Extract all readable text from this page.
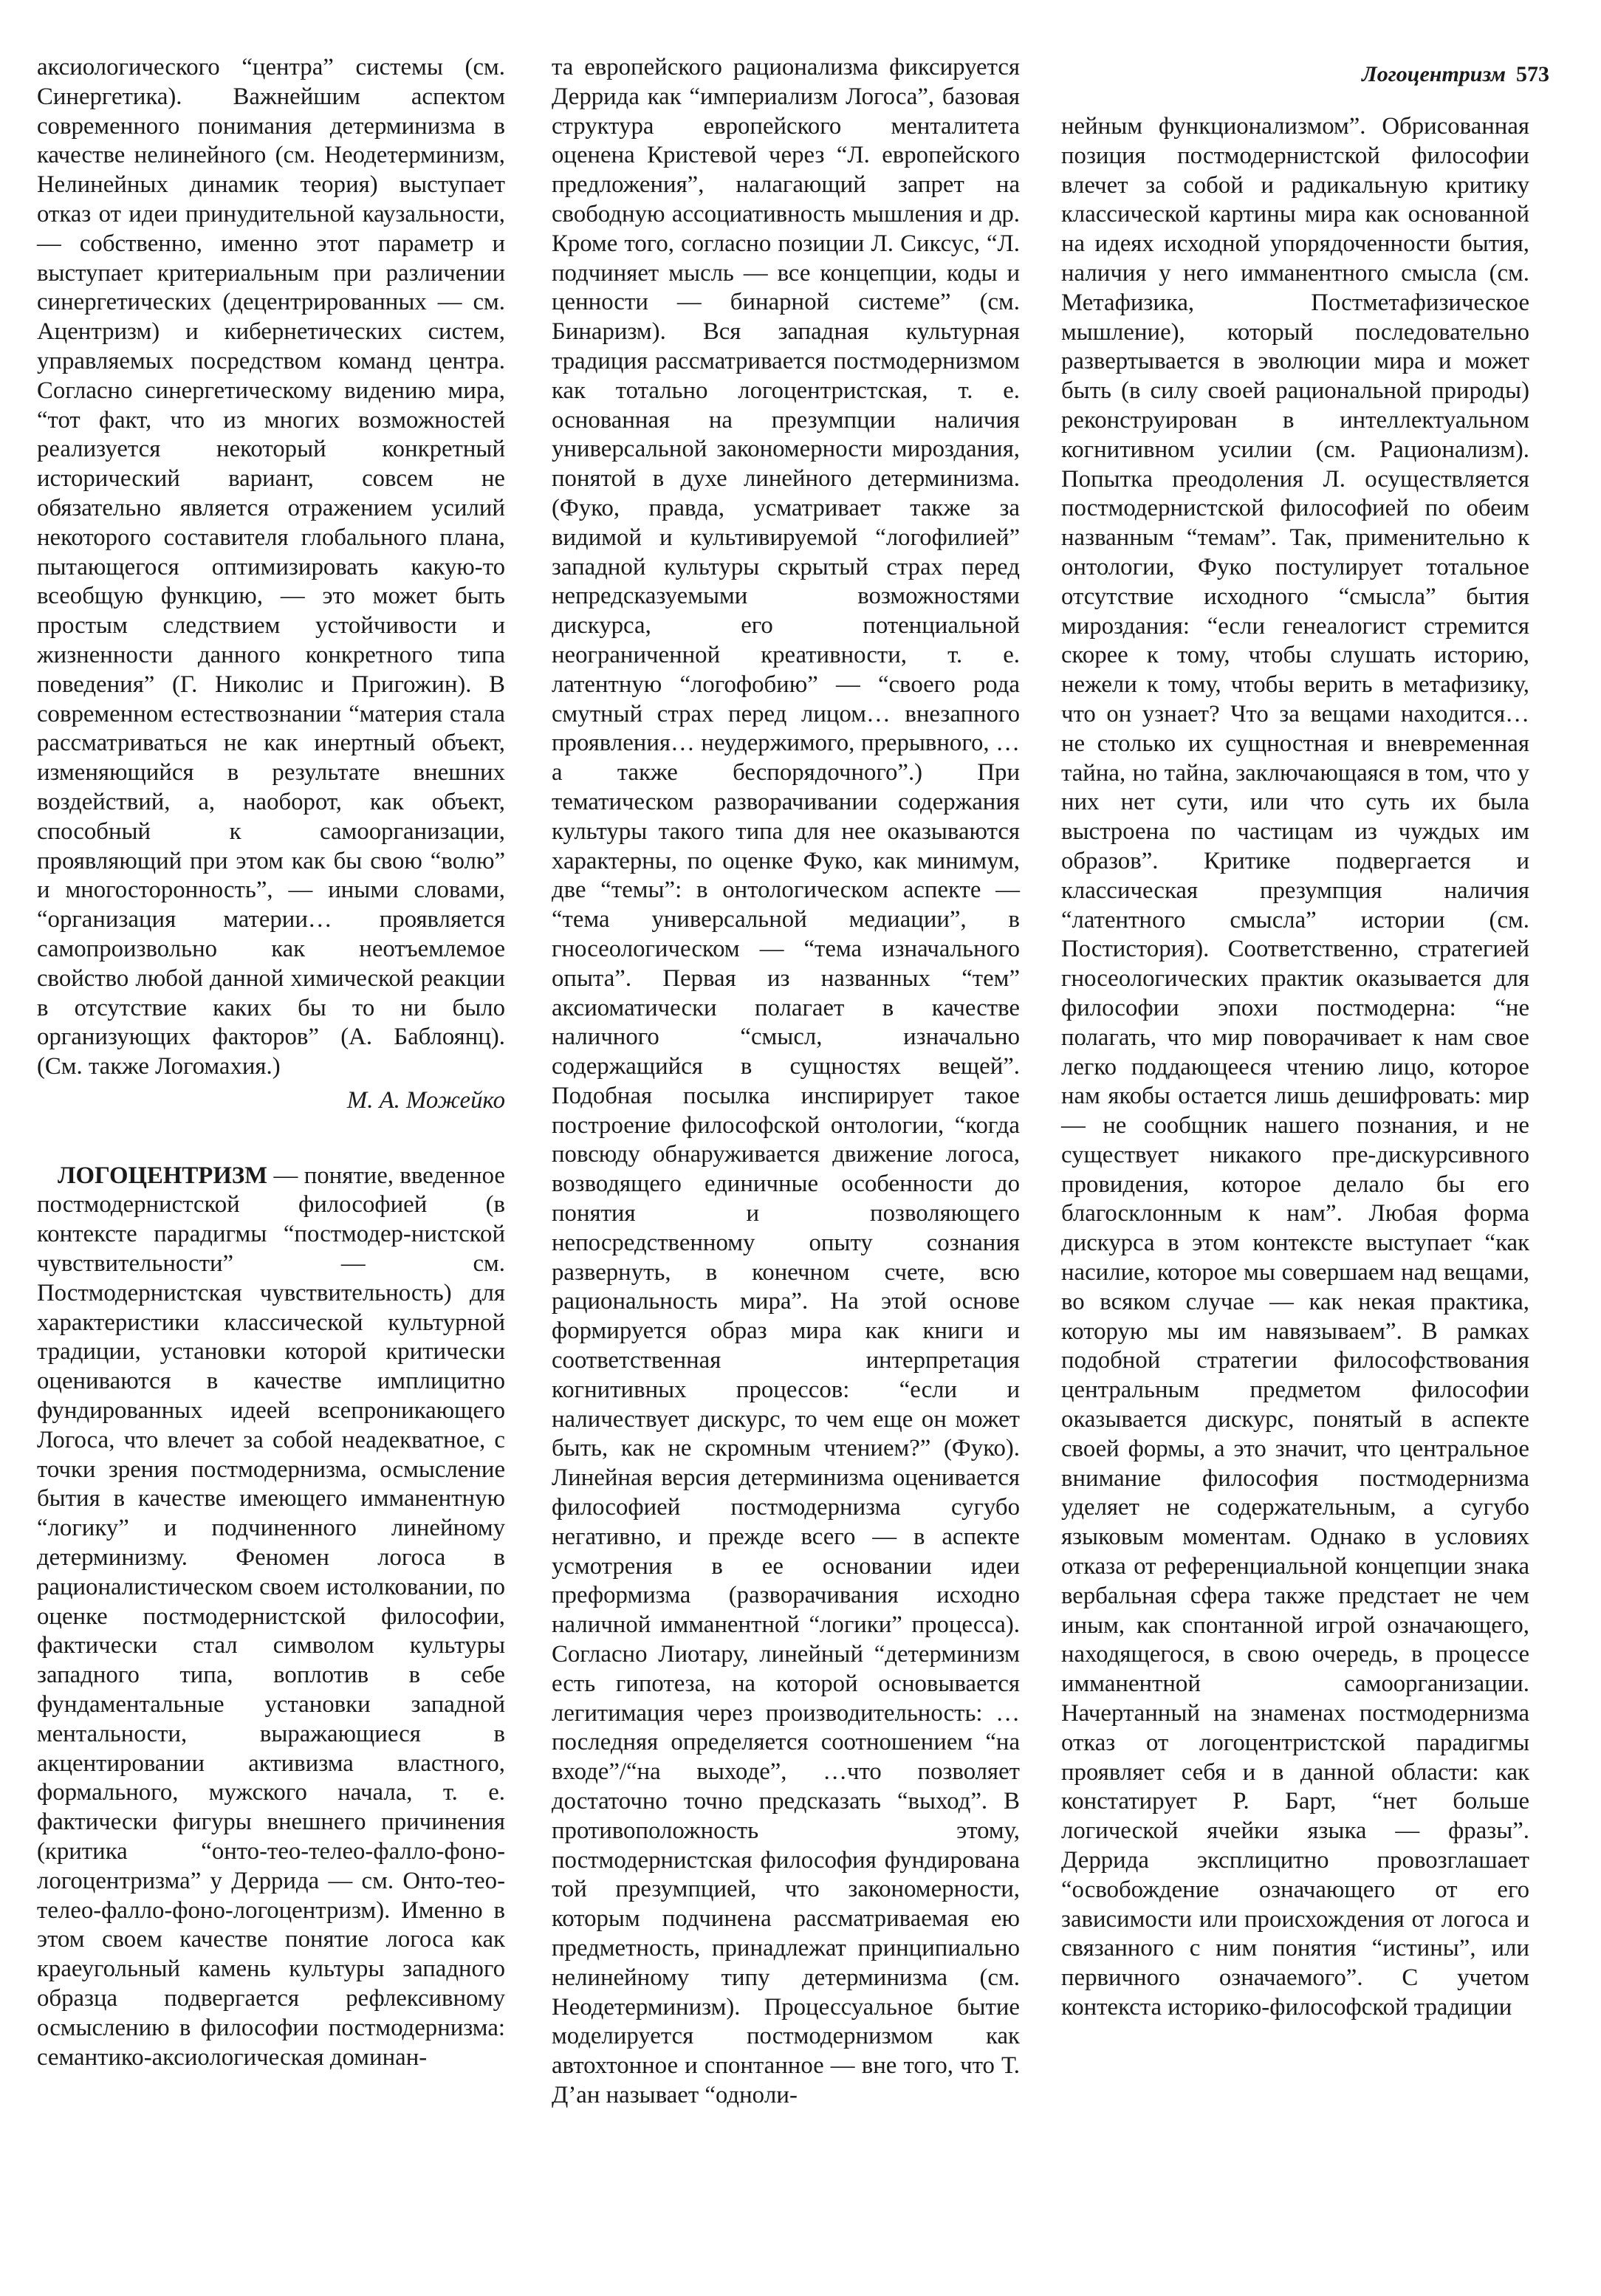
Логоцентризм 573

аксиологического “центра” системы (см. Синергетика). Важнейшим аспектом современного понимания детерминизма в качестве нелинейного (см. Неодетерминизм, Нелинейных динамик теория) выступает отказ от идеи принудительной каузальности, — собственно, именно этот параметр и выступает критериальным при различении синергетических (децентрированных — см. Ацентризм) и кибернетических систем, управляемых посредством команд центра. Согласно синергетическому видению мира, “тот факт, что из многих возможностей реализуется некоторый конкретный исторический вариант, совсем не обязательно является отражением усилий некоторого составителя глобального плана, пытающегося оптимизировать какую-то всеобщую функцию, — это может быть простым следствием устойчивости и жизненности данного конкретного типа поведения” (Г. Николис и Пригожин). В современном естествознании “материя стала рассматриваться не как инертный объект, изменяющийся в результате внешних воздействий, а, наоборот, как объект, способный к самоорганизации, проявляющий при этом как бы свою “волю” и многосторонность”, — иными словами, “организация материи… проявляется самопроизвольно как неотъемлемое свойство любой данной химической реакции в отсутствие каких бы то ни было организующих факторов” (А. Баблоянц). (См. также Логомахия.)

М. А. Можейко

ЛОГОЦЕНТРИЗМ — понятие, введенное постмодернистской философией (в контексте парадигмы “постмодер-нистской чувствительности” — см. Постмодернистская чувствительность) для характеристики классической культурной традиции, установки которой критически оцениваются в качестве имплицитно фундированных идеей всепроникающего Логоса, что влечет за собой неадекватное, с точки зрения постмодернизма, осмысление бытия в качестве имеющего имманентную “логику” и подчиненного линейному детерминизму. Феномен логоса в рационалистическом своем истолковании, по оценке постмодернистской философии, фактически стал символом культуры западного типа, воплотив в себе фундаментальные установки западной ментальности, выражающиеся в акцентировании активизма властного, формального, мужского начала, т. е. фактически фигуры внешнего причинения (критика “онто-тео-телео-фалло-фоно-логоцентризма” у Деррида — см. Онто-тео-телео-фалло-фоно-логоцентризм). Именно в этом своем качестве понятие логоса как краеугольный камень культуры западного образца подвергается рефлексивному осмыслению в философии постмодернизма: семантико-аксиологическая доминан-

та европейского рационализма фиксируется Деррида как “империализм Логоса”, базовая структура европейского менталитета оценена Кристевой через “Л. европейского предложения”, налагающий запрет на свободную ассоциативность мышления и др. Кроме того, согласно позиции Л. Сиксус, “Л. подчиняет мысль — все концепции, коды и ценности — бинарной системе” (см. Бинаризм). Вся западная культурная традиция рассматривается постмодернизмом как тотально логоцентристская, т. е. основанная на презумпции наличия универсальной закономерности мироздания, понятой в духе линейного детерминизма. (Фуко, правда, усматривает также за видимой и культивируемой “логофилией” западной культуры скрытый страх перед непредсказуемыми возможностями дискурса, его потенциальной неограниченной креативности, т. е. латентную “логофобию” — “своего рода смутный страх перед лицом… внезапного проявления… неудержимого, прерывного, …а также беспорядочного”.) При тематическом разворачивании содержания культуры такого типа для нее оказываются характерны, по оценке Фуко, как минимум, две “темы”: в онтологическом аспекте — “тема универсальной медиации”, в гносеологическом — “тема изначального опыта”. Первая из названных “тем” аксиоматически полагает в качестве наличного “смысл, изначально содержащийся в сущностях вещей”. Подобная посылка инспирирует такое построение философской онтологии, “когда повсюду обнаруживается движение логоса, возводящего единичные особенности до понятия и позволяющего непосредственному опыту сознания развернуть, в конечном счете, всю рациональность мира”. На этой основе формируется образ мира как книги и соответственная интерпретация когнитивных процессов: “если и наличествует дискурс, то чем еще он может быть, как не скромным чтением?” (Фуко). Линейная версия детерминизма оценивается философией постмодернизма сугубо негативно, и прежде всего — в аспекте усмотрения в ее основании идеи преформизма (разворачивания исходно наличной имманентной “логики” процесса). Согласно Лиотару, линейный “детерминизм есть гипотеза, на которой основывается легитимация через производительность: …последняя определяется соотношением “на входе”/“на выходе”, …что позволяет достаточно точно предсказать “выход”. В противоположность этому, постмодернистская философия фундирована той презумпцией, что закономерности, которым подчинена рассматриваемая ею предметность, принадлежат принципиально нелинейному типу детерминизма (см. Неодетерминизм). Процессуальное бытие моделируется постмодернизмом как автохтонное и спонтанное — вне того, что Т. Д’ан называет “однoли-

нейным функционализмом”. Обрисованная позиция постмодернистской философии влечет за собой и радикальную критику классической картины мира как основанной на идеях исходной упорядоченности бытия, наличия у него имманентного смысла (см. Метафизика, Постметафизическое мышление), который последовательно развертывается в эволюции мира и может быть (в силу своей рациональной природы) реконструирован в интеллектуальном когнитивном усилии (см. Рационализм). Попытка преодоления Л. осуществляется постмодернистской философией по обеим названным “темам”. Так, применительно к онтологии, Фуко постулирует тотальное отсутствие исходного “смысла” бытия мироздания: “если генеалогист стремится скорее к тому, чтобы слушать историю, нежели к тому, чтобы верить в метафизику, что он узнает? Что за вещами находится… не столько их сущностная и вневременная тайна, но тайна, заключающаяся в том, что у них нет сути, или что суть их была выстроена по частицам из чуждых им образов”. Критике подвергается и классическая презумпция наличия “латентного смысла” истории (см. Постистория). Соответственно, стратегией гносеологических практик оказывается для философии эпохи постмодерна: “не полагать, что мир поворачивает к нам свое легко поддающееся чтению лицо, которое нам якобы остается лишь дешифровать: мир — не сообщник нашего познания, и не существует никакого пре-дискурсивного провидения, которое делало бы его благосклонным к нам”. Любая форма дискурса в этом контексте выступает “как насилие, которое мы совершаем над вещами, во всяком случае — как некая практика, которую мы им навязываем”. В рамках подобной стратегии философствования центральным предметом философии оказывается дискурс, понятый в аспекте своей формы, а это значит, что центральное внимание философия постмодернизма уделяет не содержательным, а сугубо языковым моментам. Однако в условиях отказа от референциальной концепции знака вербальная сфера также предстает не чем иным, как спонтанной игрой означающего, находящегося, в свою очередь, в процессе имманентной самоорганизации. Начертанный на знаменах постмодернизма отказ от логоцентристской парадигмы проявляет себя и в данной области: как констатирует Р. Барт, “нет больше логической ячейки языка — фразы”. Деррида эксплицитно провозглашает “освобождение означающего от его зависимости или происхождения от логоса и связанного с ним понятия “истины”, или первичного означаемого”. С учетом контекста историко-философской традиции
